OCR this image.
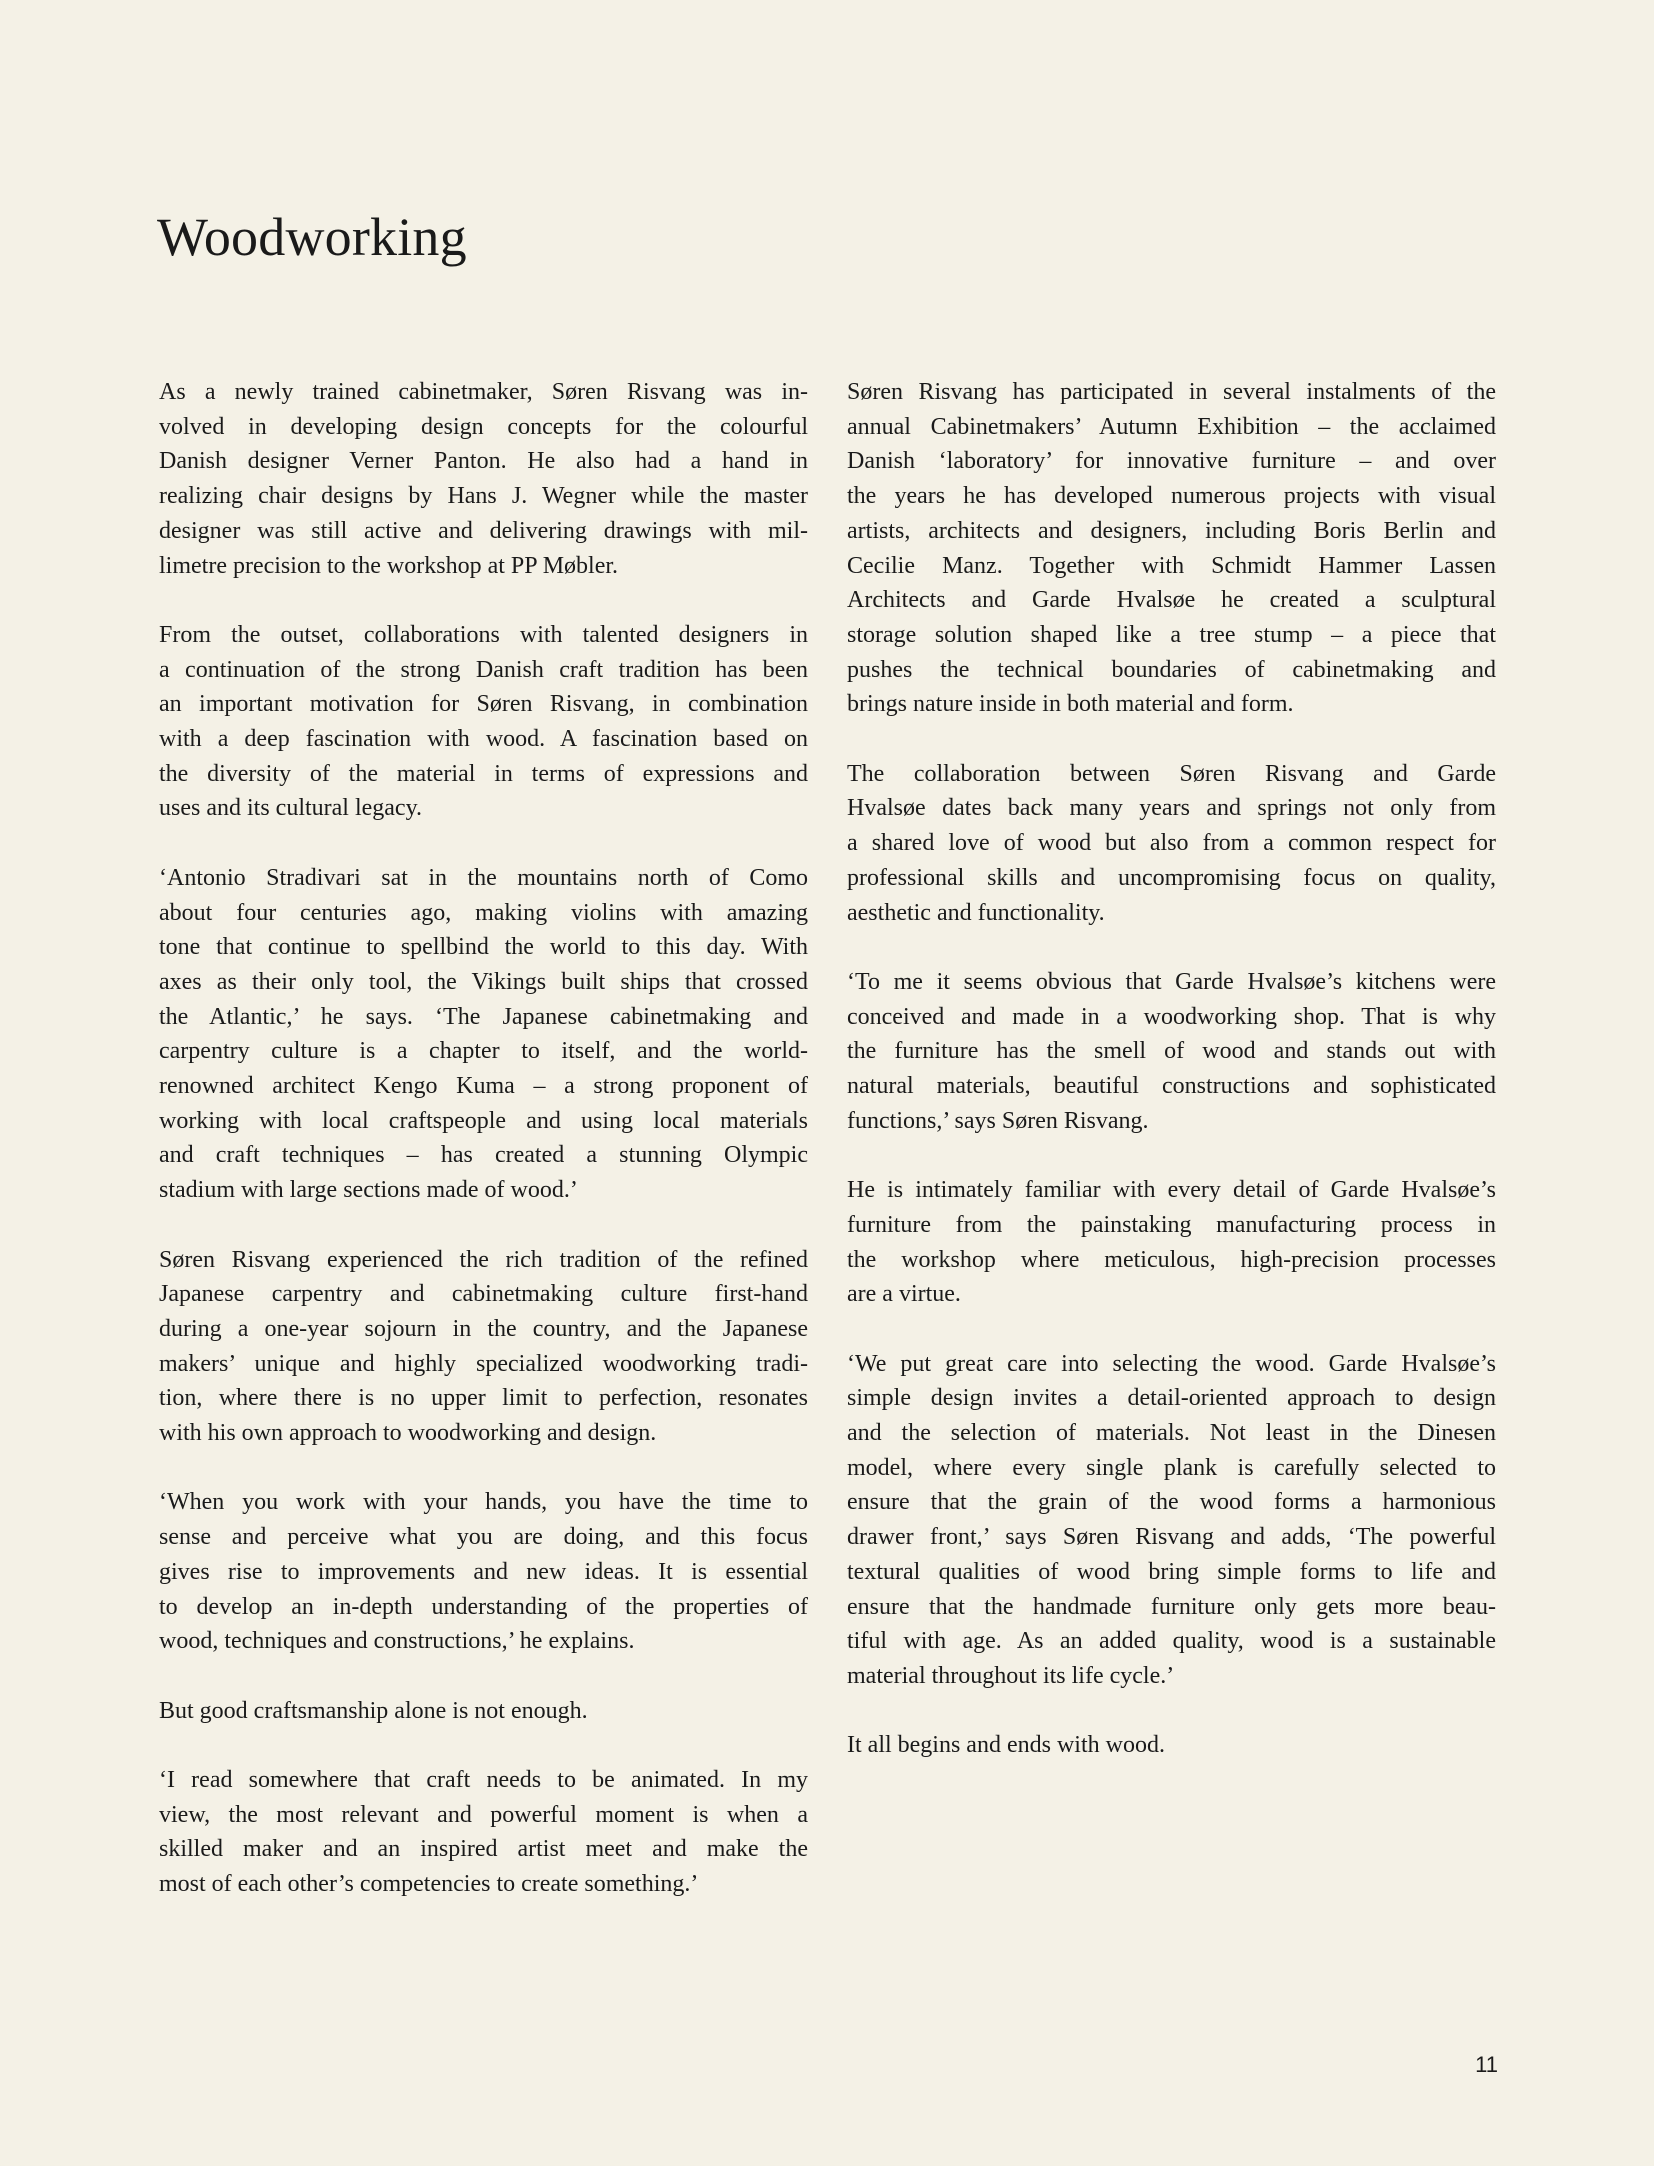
Woodworking

As a newly trained cabinetmaker, Søren Risvang was in-
volved in developing design concepts for the colourful
Danish designer Verner Panton. He also had a hand in
realizing chair designs by Hans J. Wegner while the master
designer was still active and delivering drawings with mil-
limetre precision to the workshop at PP Møbler.

From the outset, collaborations with talented designers in
a continuation of the strong Danish craft tradition has been
an important motivation for Søren Risvang, in combination
with a deep fascination with wood. A fascination based on
the diversity of the material in terms of expressions and
uses and its cultural legacy.

‘Antonio Stradivari sat in the mountains north of Como
about four centuries ago, making violins with amazing
tone that continue to spellbind the world to this day. With
axes as their only tool, the Vikings built ships that crossed
the Atlantic,’ he says. ‘The Japanese cabinetmaking and
carpentry culture is a chapter to itself, and the world-
renowned architect Kengo Kuma – a strong proponent of
working with local craftspeople and using local materials
and craft techniques – has created a stunning Olympic
stadium with large sections made of wood.’

Søren Risvang experienced the rich tradition of the refined
Japanese carpentry and cabinetmaking culture first-hand
during a one-year sojourn in the country, and the Japanese
makers’ unique and highly specialized woodworking tradi-
tion, where there is no upper limit to perfection, resonates
with his own approach to woodworking and design.

‘When you work with your hands, you have the time to
sense and perceive what you are doing, and this focus
gives rise to improvements and new ideas. It is essential
to develop an in-depth understanding of the properties of
wood, techniques and constructions,’ he explains.

But good craftsmanship alone is not enough.

‘I read somewhere that craft needs to be animated. In my
view, the most relevant and powerful moment is when a
skilled maker and an inspired artist meet and make the
most of each other’s competencies to create something.’

Søren Risvang has participated in several instalments of the
annual Cabinetmakers’ Autumn Exhibition – the acclaimed
Danish ‘laboratory’ for innovative furniture – and over
the years he has developed numerous projects with visual
artists, architects and designers, including Boris Berlin and
Cecilie Manz. Together with Schmidt Hammer Lassen
Architects and Garde Hvalsøe he created a sculptural
storage solution shaped like a tree stump – a piece that
pushes the technical boundaries of cabinetmaking and
brings nature inside in both material and form.

The collaboration between Søren Risvang and Garde
Hvalsøe dates back many years and springs not only from
a shared love of wood but also from a common respect for
professional skills and uncompromising focus on quality,
aesthetic and functionality.

‘To me it seems obvious that Garde Hvalsøe’s kitchens were
conceived and made in a woodworking shop. That is why
the furniture has the smell of wood and stands out with
natural materials, beautiful constructions and sophisticated
functions,’ says Søren Risvang.

He is intimately familiar with every detail of Garde Hvalsøe’s
furniture from the painstaking manufacturing process in
the workshop where meticulous, high-precision processes
are a virtue.

‘We put great care into selecting the wood. Garde Hvalsøe’s
simple design invites a detail-oriented approach to design
and the selection of materials. Not least in the Dinesen
model, where every single plank is carefully selected to
ensure that the grain of the wood forms a harmonious
drawer front,’ says Søren Risvang and adds, ‘The powerful
textural qualities of wood bring simple forms to life and
ensure that the handmade furniture only gets more beau-
tiful with age. As an added quality, wood is a sustainable
material throughout its life cycle.’

It all begins and ends with wood.

11
